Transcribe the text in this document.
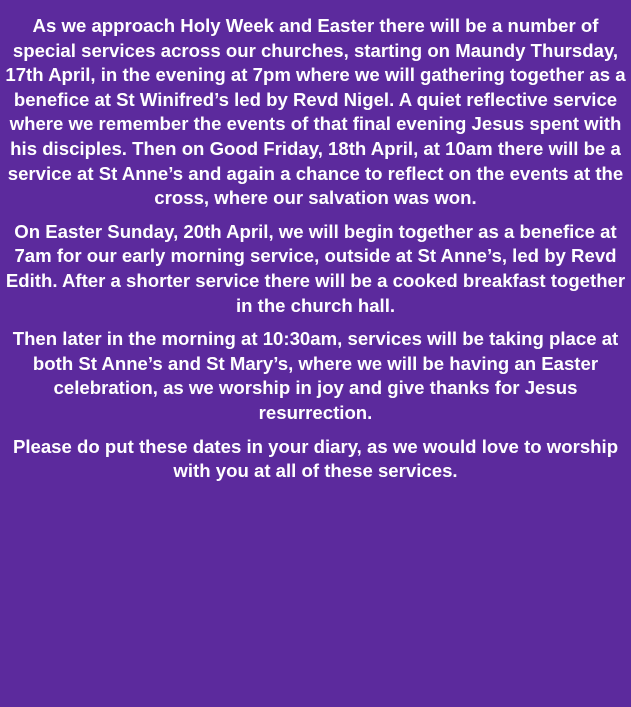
As we approach Holy Week and Easter there will be a number of special services across our churches, starting on Maundy Thursday, 17th April, in the evening at 7pm where we will gathering together as a benefice at St Winifred’s led by Revd Nigel. A quiet reflective service where we remember the events of that final evening Jesus spent with his disciples. Then on Good Friday, 18th April, at 10am there will be a service at St Anne’s and again a chance to reflect on the events at the cross, where our salvation was won.

On Easter Sunday, 20th April, we will begin together as a benefice at 7am for our early morning service, outside at St Anne’s, led by Revd Edith. After a shorter service there will be a cooked breakfast together in the church hall.

Then later in the morning at 10:30am, services will be taking place at both St Anne’s and St Mary’s, where we will be having an Easter celebration, as we worship in joy and give thanks for Jesus resurrection.

Please do put these dates in your diary, as we would love to worship with you at all of these services.
